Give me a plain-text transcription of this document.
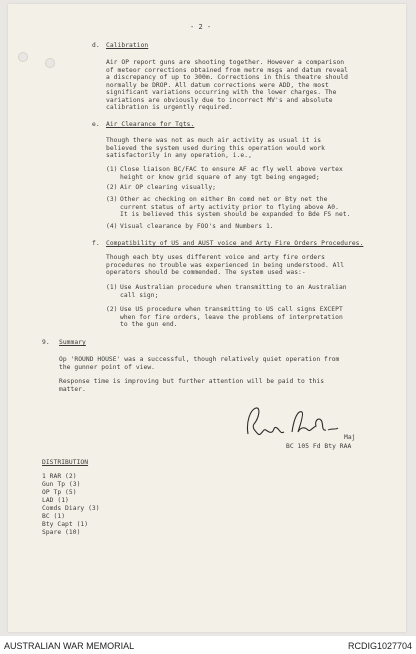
- 2 -
d. Calibration
Air OP report guns are shooting together. However a comparison
of meteor corrections obtained from metre msgs and datum reveal
a discrepancy of up to 300m. Corrections in this theatre should
normally be DROP. All datum corrections were ADD, the most
significant variations occurring with the lower charges. The
variations are obviously due to incorrect MV's and absolute
calibration is urgently required.
e. Air Clearance for Tgts.
Though there was not as much air activity as usual it is
believed the system used during this operation would work
satisfactorily in any operation, i.e.,
(1) Close liaison BC/FAC to ensure AF ac fly well above vertex
height or know grid square of any tgt being engaged;
(2) Air OP clearing visually;
(3) Other ac checking on either Bn comd net or Bty net the
current status of arty activity prior to flying above A0.
It is believed this system should be expanded to Bde FS net.
(4) Visual clearance by FOO's and Numbers 1.
f. Compatibility of US and AUST voice and Arty Fire Orders Procedures.
Though each bty uses different voice and arty fire orders
procedures no trouble was experienced in being understood. All
operators should be commended. The system used was:-
(1) Use Australian procedure when transmitting to an Australian
call sign;
(2) Use US procedure when transmitting to US call signs EXCEPT
when for fire orders, leave the problems of interpretation
to the gun end.
9. Summary
Op 'ROUND HOUSE' was a successful, though relatively quiet operation from
the gunner point of view.
Response time is improving but further attention will be paid to this
matter.
Maj
BC 105 Fd Bty RAA
DISTRIBUTION
1 RAR (2)
Gun Tp (3)
OP Tp (5)
LAD (1)
Comds Diary (3)
BC (1)
Bty Capt (1)
Spare (10)
AUSTRALIAN WAR MEMORIAL	RCDIG1027704
